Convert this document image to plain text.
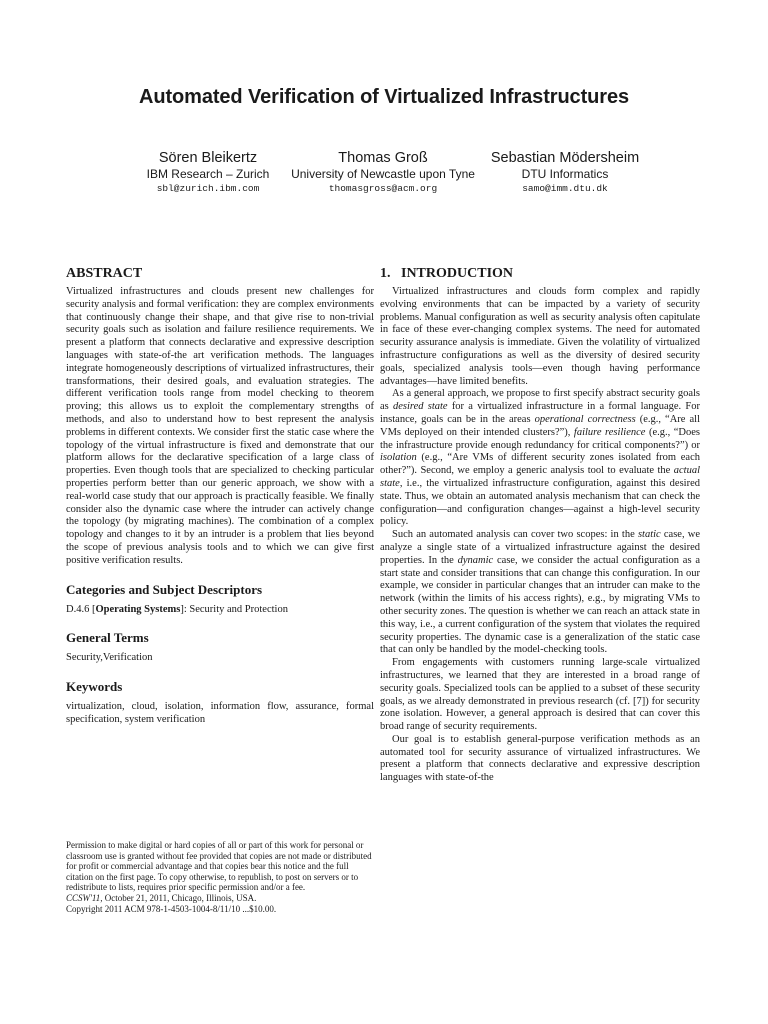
Automated Verification of Virtualized Infrastructures
Sören Bleikertz
IBM Research – Zurich
sbl@zurich.ibm.com
Thomas Groß
University of Newcastle upon Tyne
thomasgross@acm.org
Sebastian Mödersheim
DTU Informatics
samo@imm.dtu.dk
ABSTRACT

Virtualized infrastructures and clouds present new challenges for security analysis and formal verification: they are complex environments that continuously change their shape, and that give rise to non-trivial security goals such as isolation and failure resilience requirements. We present a platform that connects declarative and expressive description languages with state-of-the art verification methods. The languages integrate homogeneously descriptions of virtualized infrastructures, their transformations, their desired goals, and evaluation strategies. The different verification tools range from model checking to theorem proving; this allows us to exploit the complementary strengths of methods, and also to understand how to best represent the analysis problems in different contexts. We consider first the static case where the topology of the virtual infrastructure is fixed and demonstrate that our platform allows for the declarative specification of a large class of properties. Even though tools that are specialized to checking particular properties perform better than our generic approach, we show with a real-world case study that our approach is practically feasible. We finally consider also the dynamic case where the intruder can actively change the topology (by migrating machines). The combination of a complex topology and changes to it by an intruder is a problem that lies beyond the scope of previous analysis tools and to which we can give first positive verification results.

Categories and Subject Descriptors

D.4.6 [Operating Systems]: Security and Protection

General Terms

Security,Verification

Keywords

virtualization, cloud, isolation, information flow, assurance, formal specification, system verification

Permission to make digital or hard copies of all or part of this work for personal or classroom use is granted without fee provided that copies are not made or distributed for profit or commercial advantage and that copies bear this notice and the full citation on the first page. To copy otherwise, to republish, to post on servers or to redistribute to lists, requires prior specific permission and/or a fee.

CCSW'11, October 21, 2011, Chicago, Illinois, USA.

Copyright 2011 ACM 978-1-4503-1004-8/11/10 ...$10.00.

1.   INTRODUCTION

Virtualized infrastructures and clouds form complex and rapidly evolving environments that can be impacted by a variety of security problems. Manual configuration as well as security analysis often capitulate in face of these ever-changing complex systems. The need for automated security assurance analysis is immediate. Given the volatility of virtualized infrastructure configurations as well as the diversity of desired security goals, specialized analysis tools—even though having performance advantages—have limited benefits.

As a general approach, we propose to first specify abstract security goals as desired state for a virtualized infrastructure in a formal language. For instance, goals can be in the areas operational correctness (e.g., “Are all VMs deployed on their intended clusters?”), failure resilience (e.g., “Does the infrastructure provide enough redundancy for critical components?”) or isolation (e.g., “Are VMs of different security zones isolated from each other?”). Second, we employ a generic analysis tool to evaluate the actual state, i.e., the virtualized infrastructure configuration, against this desired state. Thus, we obtain an automated analysis mechanism that can check the configuration—and configuration changes—against a high-level security policy.

Such an automated analysis can cover two scopes: in the static case, we analyze a single state of a virtualized infrastructure against the desired properties. In the dynamic case, we consider the actual configuration as a start state and consider transitions that can change this configuration. In our example, we consider in particular changes that an intruder can make to the network (within the limits of his access rights), e.g., by migrating VMs to other security zones. The question is whether we can reach an attack state in this way, i.e., a current configuration of the system that violates the required security properties. The dynamic case is a generalization of the static case that can only be handled by the model-checking tools.

From engagements with customers running large-scale virtualized infrastructures, we learned that they are interested in a broad range of security goals. Specialized tools can be applied to a subset of these security goals, as we already demonstrated in previous research (cf. [7]) for security zone isolation. However, a general approach is desired that can cover this broad range of security requirements.

Our goal is to establish general-purpose verification methods as an automated tool for security assurance of virtualized infrastructures. We present a platform that connects declarative and expressive description languages with state-of-the
